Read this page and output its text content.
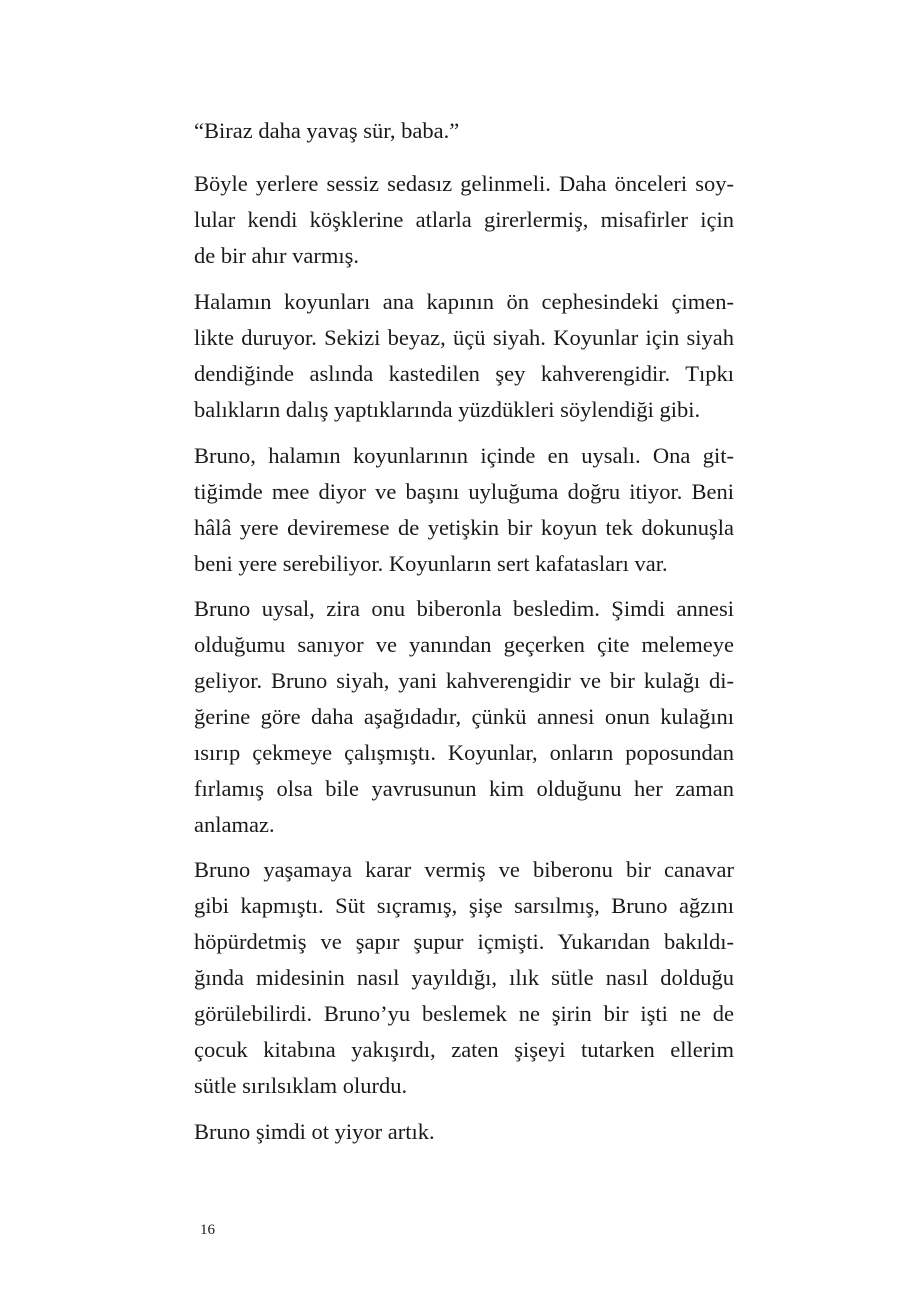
“Biraz daha yavaş sür, baba.”
Böyle yerlere sessiz sedasız gelinmeli. Daha önceleri soy-
lular kendi köşklerine atlarla girerlermiş, misafirler için
de bir ahır varmış.
Halamın koyunları ana kapının ön cephesindeki çimen-
likte duruyor. Sekizi beyaz, üçü siyah. Koyunlar için siyah
dendiğinde aslında kastedilen şey kahverengidir. Tıpkı
balıkların dalış yaptıklarında yüzdükleri söylendiği gibi.
Bruno, halamın koyunlarının içinde en uysalı. Ona git-
tiğimde mee diyor ve başını uyluğuma doğru itiyor. Beni
hâlâ yere deviremese de yetişkin bir koyun tek dokunuşla
beni yere serebiliyor. Koyunların sert kafatasları var.
Bruno uysal, zira onu biberonla besledim. Şimdi annesi
olduğumu sanıyor ve yanından geçerken çite melemeye
geliyor. Bruno siyah, yani kahverengidir ve bir kulağı di-
ğerine göre daha aşağıdadır, çünkü annesi onun kulağını
ısırıp çekmeye çalışmıştı. Koyunlar, onların poposundan
fırlamış olsa bile yavrusunun kim olduğunu her zaman
anlamaz.
Bruno yaşamaya karar vermiş ve biberonu bir canavar
gibi kapmıştı. Süt sıçramış, şişe sarsılmış, Bruno ağzını
höpürdetmiş ve şapır şupur içmişti. Yukarıdan bakıldı-
ğında midesinin nasıl yayıldığı, ılık sütle nasıl dolduğu
görülebilirdi. Bruno’yu beslemek ne şirin bir işti ne de
çocuk kitabına yakışırdı, zaten şişeyi tutarken ellerim
sütle sırılsıklam olurdu.
Bruno şimdi ot yiyor artık.
16
